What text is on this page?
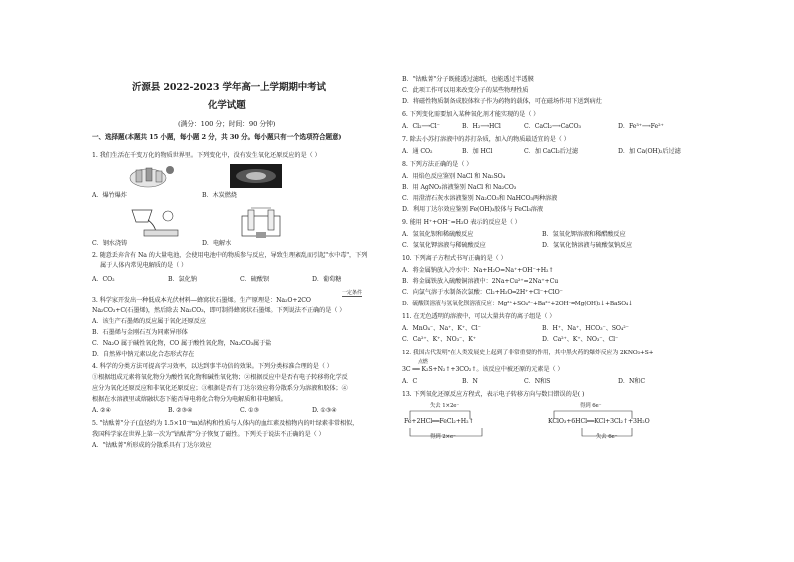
沂源县 2022-2023 学年高一上学期期中考试
化学试题
(满分：100 分；时间：90 分钟)
一、选择题(本题共 15 小题，每小题 2 分，共 30 分。每小题只有一个选项符合题意)
1. 我们生活在千变万化的物质世界里。下列变化中，没有发生氧化还原反应的是（ ）
A．爆竹爆炸	B．木炭燃烧
C．钢水浇铸	D．电解水
2. 随意丢弃含有 Na 的大量电池，会使用电池中的物质参与反应，导致生理紊乱而引起"水中毒"，下列
属于人体内常见电解质的是（ ）
A．CO₂	B．氯化钠	C．硫酸钡	D．葡萄糖
一定条件
3. 科学家开发出一种低成本光伏材料—蜂窝状石墨烯。生产原理是：Na₂O+2CO
Na₂CO₃+C(石墨烯)，然后除去 Na₂CO₃，即可制得蜂窝状石墨烯。下列说法不正确的是（ ）
A．该生产石墨烯的反应属于氧化还原反应
B．石墨烯与金刚石互为同素异形体
C．Na₂O 属于碱性氧化物，CO 属于酸性氧化物，Na₂CO₃属于盐
D．自然界中钠元素以化合态形式存在
4. 科学的分类方法可提高学习效率，以达到事半功倍的效果。下列分类标准合理的是（ ）
①根据组成元素将氧化物分为酸性氧化物和碱性氧化物；②根据反应中是否有电子转移将化学反
应分为氧化还原反应和非氧化还原反应；③根据是否有丁达尔效应将分散系分为溶液和胶体；④
根据在水溶液里或熔融状态下能否导电将化合物分为电解质和非电解质。
A. ②④	B. ②③④	C. ①③	D. ①③④
5. "钴酞菁"分子(直径约为 1.5×10⁻⁹m)结构和性质与人体内的血红素及植物内的叶绿素非常相似，
我国科学家在世界上第一次为"钴酞菁"分子恢复了磁性。下列关于说法不正确的是（ ）
A．"钴酞菁"所形成的分散系具有丁达尔效应
B．"钴酞菁"分子既能透过滤纸，也能透过半透膜
C．此项工作可以用来改变分子的某些物理性质
D．将磁性物质制备成胶体粒子作为药物的载体，可在磁场作用下送到病灶
6. 下列变化需要加入某种氧化剂才能实现的是（ ）
A．Cl₂⟶Cl⁻	B．H₂⟶HCl	C．CaCl₂⟶CaCO₃	D．Fe³⁺⟶Fe²⁺
7. 除去小苏打溶液中的苏打杂质，加入的物质最适宜的是（ ）
A．通 CO₂	B．加 HCl	C．加 CaCl₂后过滤	D．加 Ca(OH)₂后过滤
8. 下列方法正确的是（ ）
A．用焰色反应鉴别 NaCl 和 Na₂SO₄
B．用 AgNO₃溶液鉴别 NaCl 和 Na₂CO₃
C．用澄清石灰水溶液鉴别 Na₂CO₃和 NaHCO₃两种溶液
D．利用丁达尔效应鉴别 Fe(OH)₃胶体与 FeCl₃溶液
9. 能用 H⁺+OH⁻=H₂O 表示的反应是（ ）
A．氢氧化钡和稀硫酸反应	B．氢氧化钾溶液和稀醋酸反应
C．氢氧化钾溶液与稀硫酸反应	D．氢氧化钠溶液与硫酸氢钠反应
10. 下列离子方程式书写正确的是（ ）
A．将金属钠放入冷水中：Na+H₂O=Na⁺+OH⁻+H₂↑
B．将金属铁放入硫酸铜溶液中：2Na+Cu²⁺=2Na⁺+Cu
C．向氯气溶于水制备次氯酸：Cl₂+H₂O═2H⁺+Cl⁻+ClO⁻
D．硫酸镁溶液与氢氧化钡溶液反应：Mg²⁺+SO₄²⁻+Ba²⁺+2OH⁻═Mg(OH)₂↓+BaSO₄↓
11. 在无色透明的溶液中，可以大量共存的离子组是（ ）
A．MnO₄⁻、Na⁺、K⁺、Cl⁻	B．H⁺、Na⁺、HCO₃⁻、SO₄²⁻
C．Ca²⁺、K⁺、NO₃⁻、K⁺	D．Ca²⁺、K⁺、NO₃⁻、Cl⁻
12. 我国古代发明"在人类发展史上起到了非常重要的作用，其中黑火药的爆炸反应为 2KNO₃+S+
点燃
3C ══ K₂S+N₂↑+3CO₂↑。该反应中被还原的元素是（ ）
A．C	B．N	C．N和S	D．N和C
13. 下列氧化还原反应方程式，表示电子转移方向与数目错误的是( )
失去 1×2e⁻
Fe+2HCl══FeCl₂+H₂↑
得到 2×e⁻
得到 6e⁻
KClO₃+6HCl══KCl+3Cl₂↑+3H₂O
失去 6e⁻
